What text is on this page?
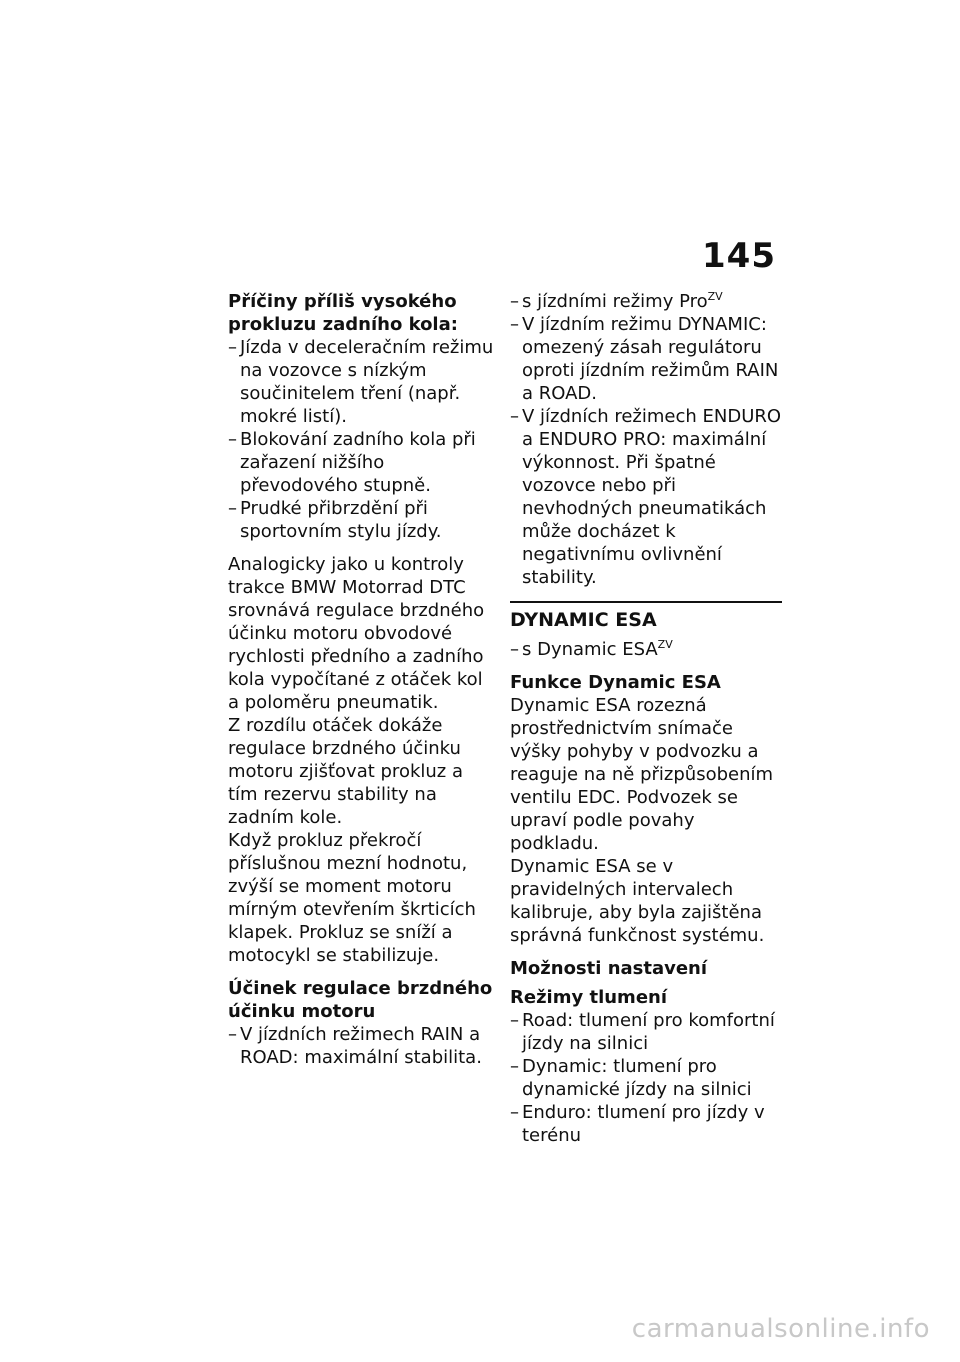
145

Příčiny příliš vysokého prokluzu zadního kola:

– Jízda v deceleračním režimu na vozovce s nízkým součinitelem tření (např. mokré listí).
– Blokování zadního kola při zařazení nižšího převodového stupně.
– Prudké přibrzdění při sportovním stylu jízdy.

Analogicky jako u kontroly trakce BMW Motorrad DTC srovnává regulace brzdného účinku motoru obvodové rychlosti předního a zadního kola vypočítané z otáček kol a poloměru pneumatik.

Z rozdílu otáček dokáže regulace brzdného účinku motoru zjišťovat prokluz a tím rezervu stability na zadním kole.

Když prokluz překročí příslušnou mezní hodnotu, zvýší se moment motoru mírným otevřením škrticích klapek. Prokluz se sníží a motocykl se stabilizuje.

Účinek regulace brzdného účinku motoru

– V jízdních režimech RAIN a ROAD: maximální stabilita.
– s jízdními režimy Pro$^{ZV}$
– V jízdním režimu DYNAMIC: omezený zásah regulátoru oproti jízdním režimům RAIN a ROAD.
– V jízdních režimech ENDURO a ENDURO PRO: maximální výkonnost. Při špatné vozovce nebo při nevhodných pneumatikách může docházet k negativnímu ovlivnění stability.

DYNAMIC ESA

– s Dynamic $ESA^{ZV}$

Funkce Dynamic ESA

Dynamic ESA rozezná prostřednictvím snímače výšky pohyby v podvozku a reaguje na ně přizpůsobením ventilu EDC. Podvozek se upraví podle povahy podkladu.

Dynamic ESA se v pravidelných intervalech kalibruje, aby byla zajištěna správná funkčnost systému.

Možnosti nastavení

Režimy tlumení

– Road: tlumení pro komfortní jízdy na silnici
– Dynamic: tlumení pro dynamické jízdy na silnici
– Enduro: tlumení pro jízdy v terénu
carmanualsonline.info
